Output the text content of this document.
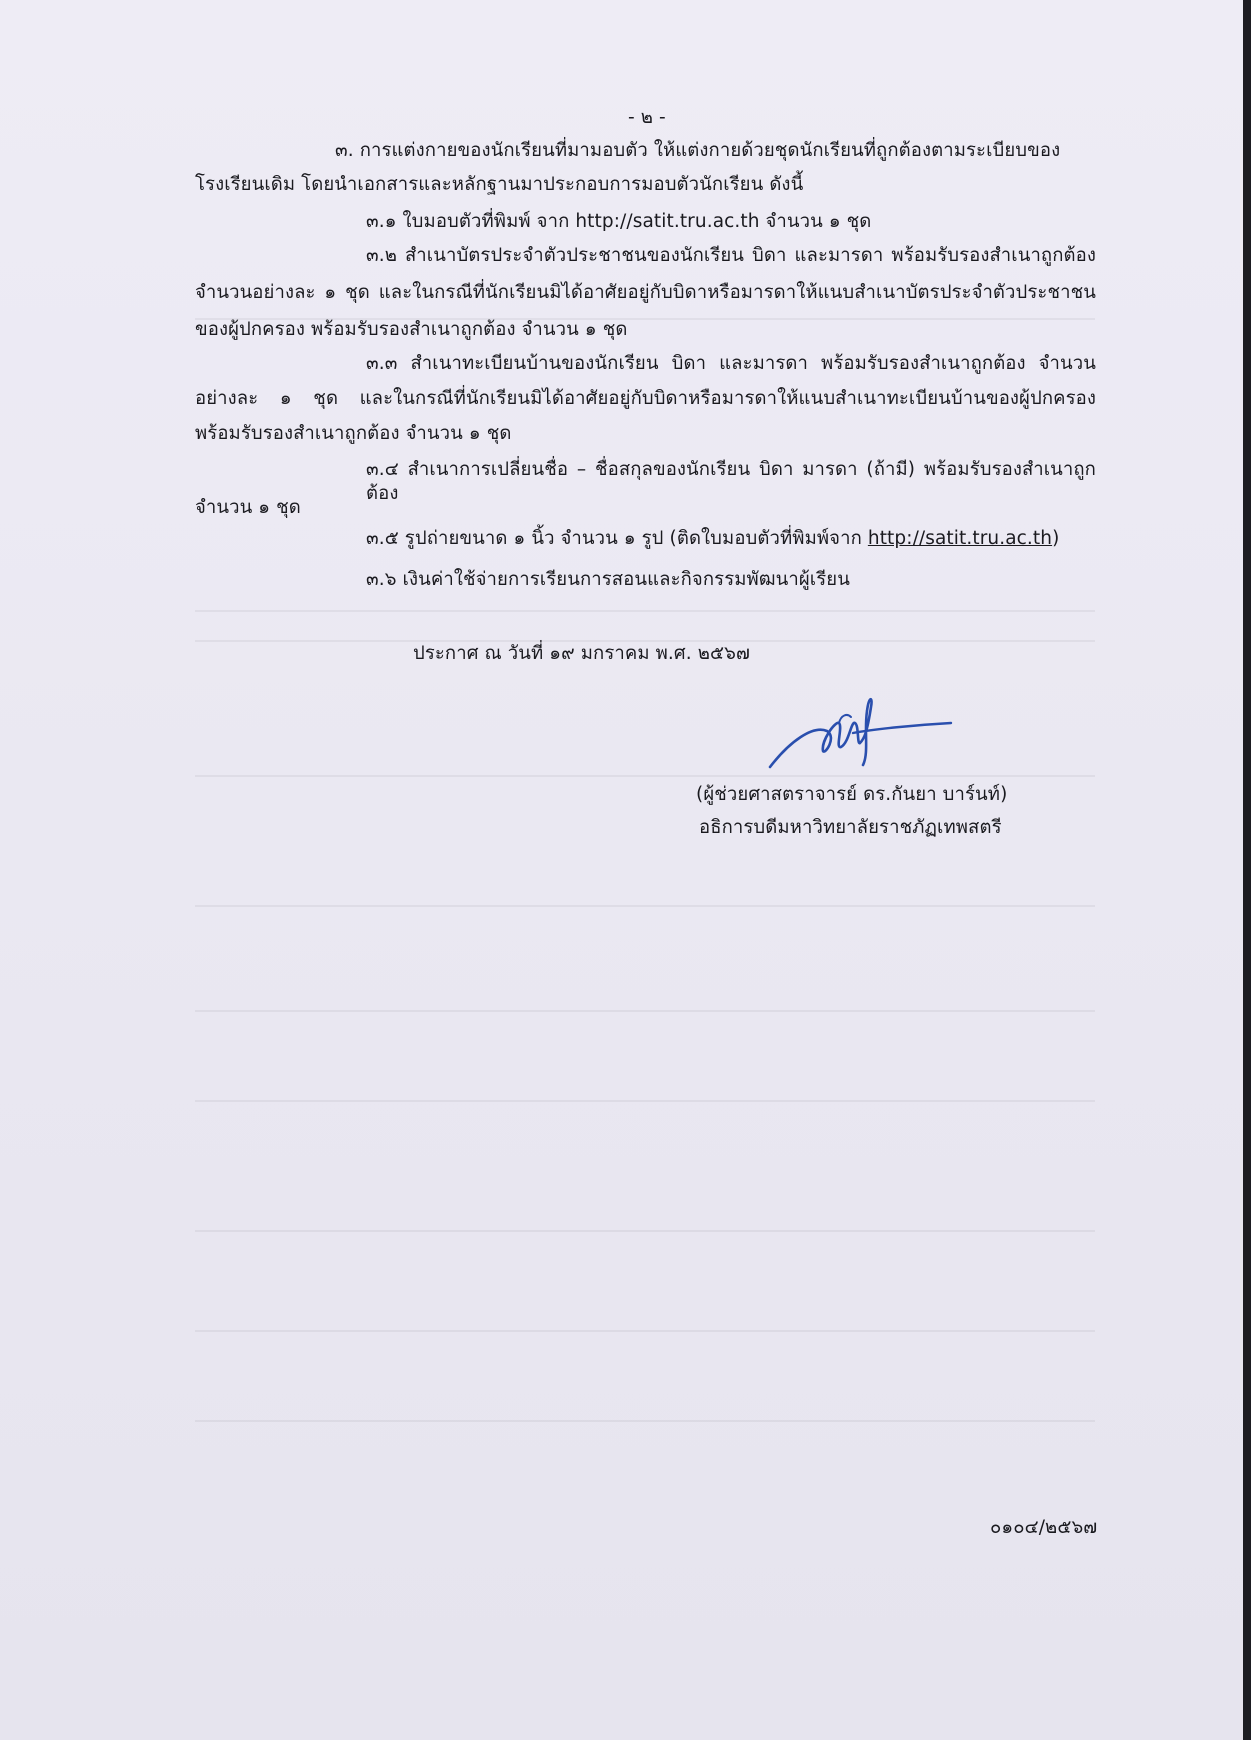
- ๒ -
๓. การแต่งกายของนักเรียนที่มามอบตัว ให้แต่งกายด้วยชุดนักเรียนที่ถูกต้องตามระเบียบของ
โรงเรียนเดิม โดยนำเอกสารและหลักฐานมาประกอบการมอบตัวนักเรียน ดังนี้
๓.๑ ใบมอบตัวที่พิมพ์ จาก http://satit.tru.ac.th จำนวน ๑ ชุด
๓.๒ สำเนาบัตรประจำตัวประชาชนของนักเรียน บิดา และมารดา พร้อมรับรองสำเนาถูกต้อง
จำนวนอย่างละ ๑ ชุด และในกรณีที่นักเรียนมิได้อาศัยอยู่กับบิดาหรือมารดาให้แนบสำเนาบัตรประจำตัวประชาชน
ของผู้ปกครอง พร้อมรับรองสำเนาถูกต้อง จำนวน ๑ ชุด
๓.๓ สำเนาทะเบียนบ้านของนักเรียน บิดา และมารดา พร้อมรับรองสำเนาถูกต้อง จำนวน
อย่างละ ๑ ชุด และในกรณีที่นักเรียนมิได้อาศัยอยู่กับบิดาหรือมารดาให้แนบสำเนาทะเบียนบ้านของผู้ปกครอง
พร้อมรับรองสำเนาถูกต้อง จำนวน ๑ ชุด
๓.๔ สำเนาการเปลี่ยนชื่อ – ชื่อสกุลของนักเรียน บิดา มารดา (ถ้ามี) พร้อมรับรองสำเนาถูกต้อง
จำนวน ๑ ชุด
๓.๕ รูปถ่ายขนาด ๑ นิ้ว จำนวน ๑ รูป (ติดใบมอบตัวที่พิมพ์จาก http://satit.tru.ac.th)
๓.๖ เงินค่าใช้จ่ายการเรียนการสอนและกิจกรรมพัฒนาผู้เรียน
ประกาศ ณ วันที่ ๑๙ มกราคม พ.ศ. ๒๕๖๗
(ผู้ช่วยศาสตราจารย์ ดร.กันยา บาร์นท์)
อธิการบดีมหาวิทยาลัยราชภัฏเทพสตรี
๐๑๐๔/๒๕๖๗
